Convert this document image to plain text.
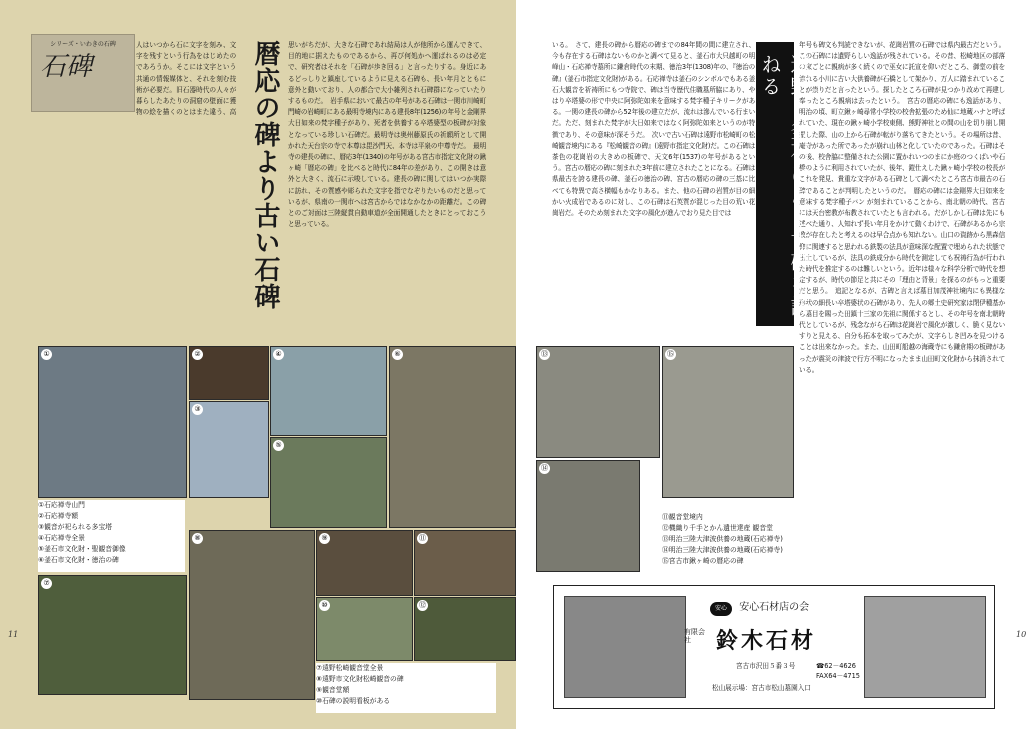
シリーズ・いわきの石碑
石碑
人はいつから石に文字を刻み、文字を残すという行為をはじめたのであろうか。そこには文字という共通の情報媒体と、それを刻む技術が必要だ。旧石器時代の人々が暮らしたあたりの洞窟の壁面に獲物の絵を描くのとはまた違う、高　 暦応の碑より古い石碑	思いがちだが、大きな石碑であれ結局は人が他所から運んできて、目的地に据えたものであるから、再び何処かへ運ばれるのは必定で、研究者はそれを「石碑が歩き回る」と言ったりする。身近にあるどっしりと鎮座しているように見える石碑も、長い年月とともに意外と動いており、人の都合で大小雑列され石碑群になっていたりするものだ。　岩手県において最古の年号がある石碑は一関市川崎町門崎の岩崎町にある最明寺境内にある建長8年(1256)の年号と金剛界大日如来の梵字種子があり、死者を供養する卒塔婆型の板碑が対象となっている珍しい石碑だ。最明寺は奥州藤原氏の祈願所として開かれた天台宗の寺で本尊は毘沙門天、本寺は平泉の中尊寺だ。　最明寺の建長の碑に、暦応3年(1340)の年号がある宮古市指定文化財の鍬ヶ崎「暦応の碑」を比べると時代に84年の差があり、この開きは意外と大きく、流石に示唆している。建長の碑に関してはいつか実際に訪れ、その質感や彫られた文字を指でなぞりたいものだと思っているが、県南の一関市へは宮古からではなかなかの距離だ。この碑とのご対面は三陸縦貫自動車道が全面開通したときにとっておこうと思っている。
①	②	④
③
⑤
⑥
①石応禅寺山門
②石応禅寺額
③観音が祀られる多宝塔
④石応禅寺全景
⑤釜石市文化財・聖観音御像
⑥釜石市文化財・徳治の碑
⑦
⑧	⑨	⑪
⑩	⑫
⑦遠野松崎観音堂全景
⑧遠野市文化財松崎観音の碑
⑨観音堂額
⑩石碑の説明看板がある
11
いる。　さて、建長の碑から暦応の碑までの84年間の間に建立され、今も存在する石碑はないものかと調べて見ると、釜石市大只越町の明峰山・石応禅寺墓所に鎌倉時代の末期、徳治3年(1308)年の、『徳治の碑』(釜石市指定文化財)がある。石応禅寺は釜石のシンボルでもある釜石大観音を祈祷所にもつ寺院で、碑は当寺歴代住職墓所脇にあり、やはり卒塔婆の形で中央に阿弥陀如来を意味する梵字種子キリークがある。一関の建長の碑から52年後の建立だが、流れは滲んでいる行まいだ。ただ、刻まれた梵字が大日如来ではなく阿弥陀如来というのが特徴であり、その意味が深そうだ。　次いで古い石碑は遠野市松崎町の松崎観音境内にある『松崎観音の碑』(遠野市指定文化財)だ。この石碑は茶色の花崗岩の大きめの板碑で、天文6年(1537)の年号があるという。宮古の暦応の碑に刻まれた3年前に建立されたことになる。石碑は県最古を誇る建長の碑、釜石の徳治の碑、宮古の暦応の碑の三基に比べても特異で高さ横幅もかなりある。また、他の石碑の岩質が目の細かい火成岩であるのに対し、この石碑は石英質が混じった目の荒い花崗岩だ。そのため刻まれた文字の風化が進んでおり見た目では
年号も碑文も判読できないが、花崗岩質の石碑では県内最古だという。この石碑には遺野らしい逸話が残されている。その昔、松崎地区の部落の家ごとに親病が多く続くので巫女に託宣を仰いだところ、御堂の前を流れる小川に古い大供養碑が石橋として架かり、万人に踏まれていることが祟りだと言ったという。探したところ石碑が見つかり改めて再建し奉ったところ親病は去ったという。　宮古の暦応の碑にも逸話があり、明治の頃、町立鍬ヶ崎尋常小学校の校舎拡張のため仙に地蔵ハナと呼ばれていた、現在の鍬ヶ崎小学校東側、熊野神社との間の山を切り崩し開墾した際、山の上から石碑が転がり落ちてきたという。その場所は昔、庵寺があった所であったが崩れ山林と化していたのであった。石碑はその後、校舎脇に整備された公園に置かれいつのまにか庭のつくばいや石橋のように利用されていたが、後年、鎧仕えした鍬ヶ崎小学校の校長がこれを発見、貴重な文字がある石碑として調べたところ宮古市最古の石碑であることが判明したというのだ。　暦応の碑には金剛界大日如来を意味する梵字種子バン が刻まれていることから、南北朝の時代、宮古には天台密教が布教されていたとも言われる。だがしかし石碑は先にも述べた通り、人知れず長い年月をかけて動くわけで、石碑があるから宗教が存在したと考えるのは早合点かも知れない。山口の資跡から黒森信仰に関連すると思われる鉄製の法具が意味深な配置で埋められた状態で出土しているが、法具の鉄成分から時代を測定しても祝祷行為が行われた時代を推定するのは難しいという。近年は様々な科学分析で時代を想定するが、時代の節足と共にその「理由と背景」を探るのがもっと重要だと思う。　追記となるが、古碑と言えば墓目加茂神社境内にも異様な形状の細長い卒塔婆状の石碑があり、先人の郷土史研究家は閉伊種基から墓目を賜った田鎮十三家の先祖に関係するとし、その年号を南北朝時代としているが、残念ながら石碑は花崗岩で風化が激しく、脆く見ないすりと見える、自分も拓本を取ってみたが、文字らしき凹みを見つけることは出来なかった。また、山田町船越の海蔵寺にも鎌倉期の板碑があったが震災の津波で行方不明になったまま山田町文化財から抹消されている。
⑬	⑮
⑭
⑪観音堂境内
⑫機織り千手とかん遺世達産 観音堂
⑬明治三陸大津波供養の地蔵(石応禅寺)
⑭明治三陸大津波供養の地蔵(石応禅寺)
⑮宮古市鍬ヶ崎の暦応の碑
10
遠野、釜石にある古碑を訪ねる
安心 安心石材店の会
有限会社	鈴木石材
宮古市沢田５番３号	☎62－4626
FAX64－4715
松山展示場：宮古市松山墓園入口
